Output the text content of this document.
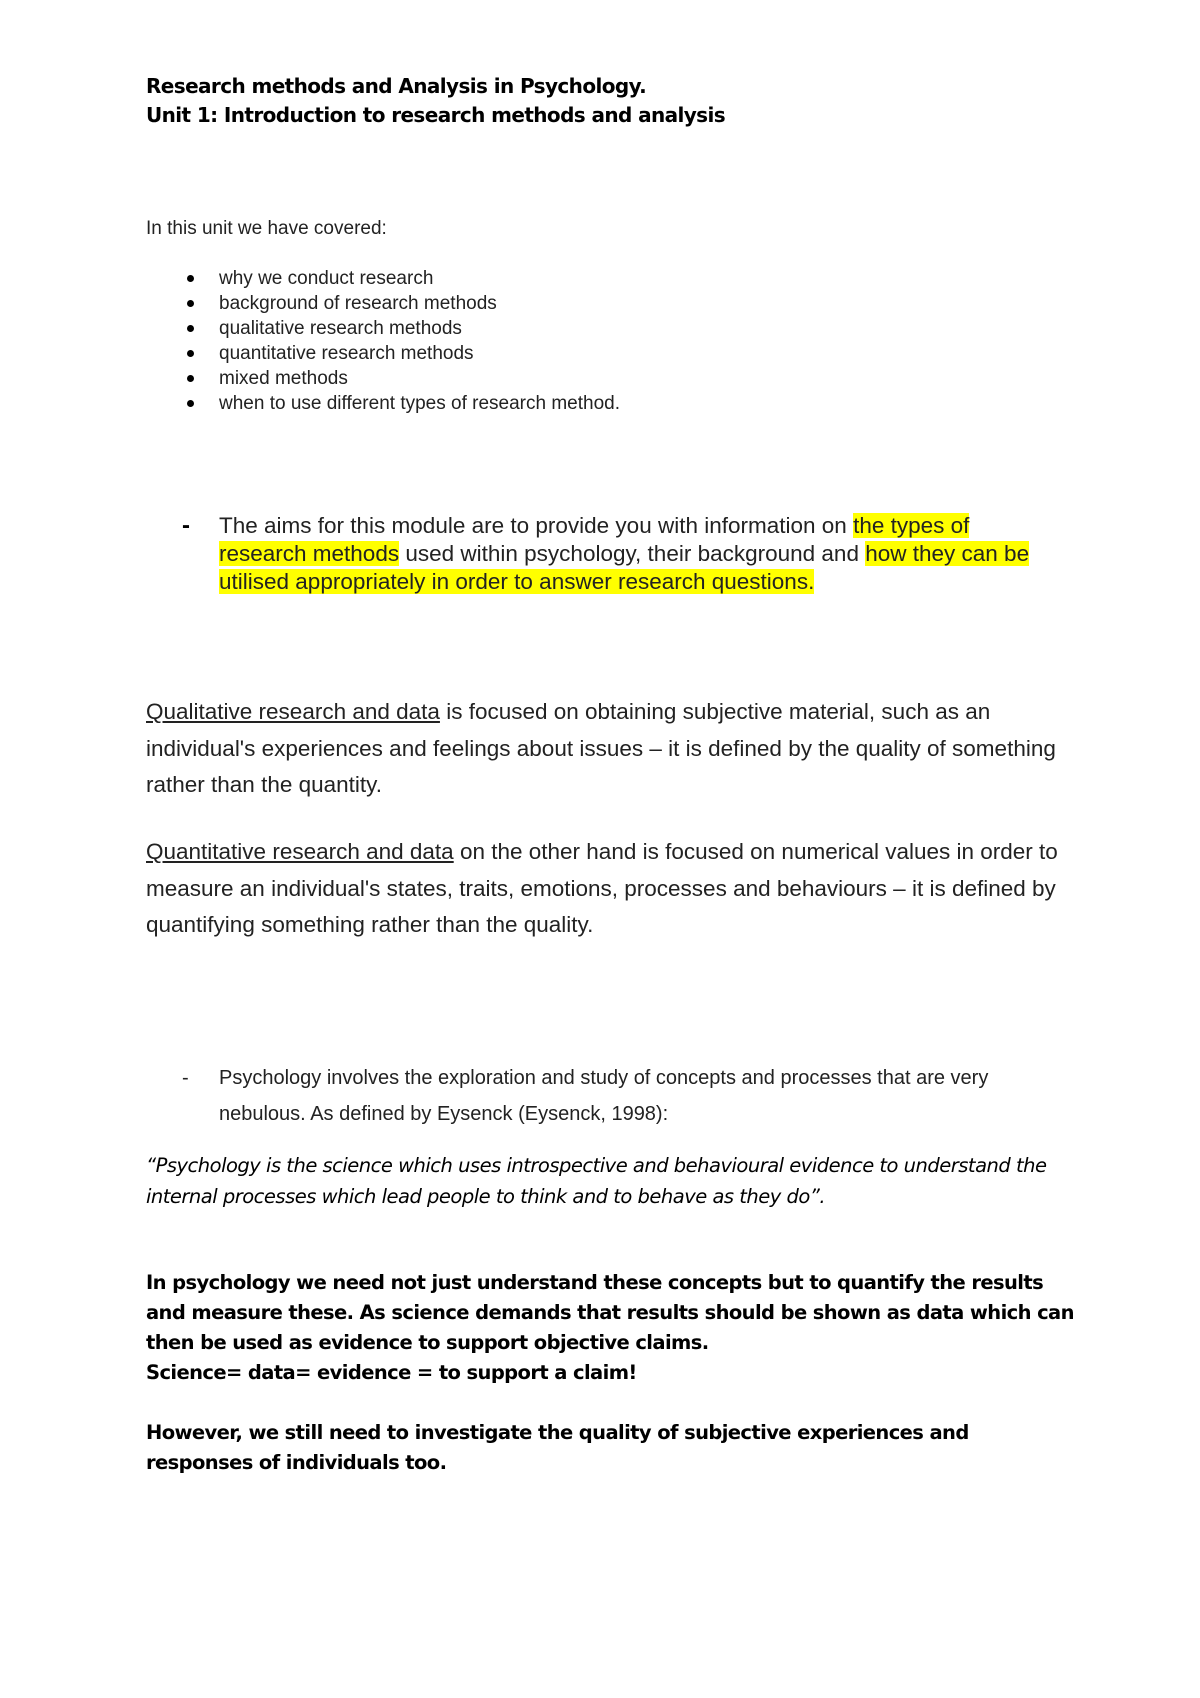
Research methods and Analysis in Psychology.
Unit 1: Introduction to research methods and analysis
In this unit we have covered:
why we conduct research
background of research methods
qualitative research methods
quantitative research methods
mixed methods
when to use different types of research method.
- The aims for this module are to provide you with information on the types of research methods used within psychology, their background and how they can be utilised appropriately in order to answer research questions.
Qualitative research and data is focused on obtaining subjective material, such as an individual's experiences and feelings about issues – it is defined by the quality of something rather than the quantity.
Quantitative research and data on the other hand is focused on numerical values in order to measure an individual's states, traits, emotions, processes and behaviours – it is defined by quantifying something rather than the quality.
- Psychology involves the exploration and study of concepts and processes that are very nebulous. As defined by Eysenck (Eysenck, 1998):
“Psychology is the science which uses introspective and behavioural evidence to understand the internal processes which lead people to think and to behave as they do”.
In psychology we need not just understand these concepts but to quantify the results and measure these. As science demands that results should be shown as data which can then be used as evidence to support objective claims.
Science= data= evidence = to support a claim!
However, we still need to investigate the quality of subjective experiences and responses of individuals too.
